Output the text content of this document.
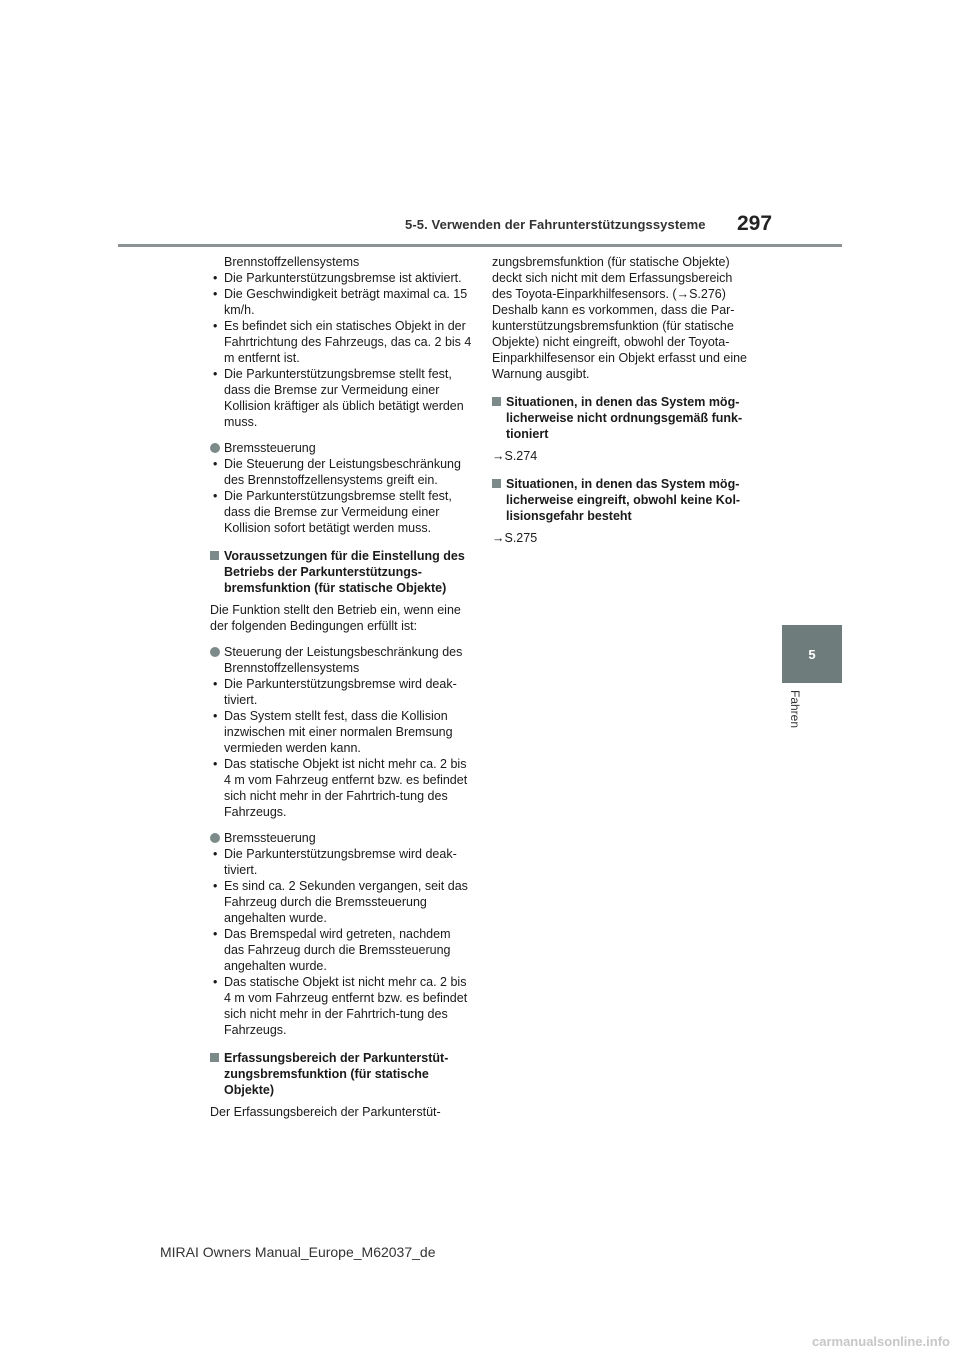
5-5. Verwenden der Fahrunterstützungssysteme 297
5
Fahren

Brennstoffzellensystems

• Die Parkunterstützungsbremse ist aktiviert.
• Die Geschwindigkeit beträgt maximal ca. 15 km/h.
• Es befindet sich ein statisches Objekt in der Fahrtrichtung des Fahrzeugs, das ca. 2 bis 4 m entfernt ist.
• Die Parkunterstützungsbremse stellt fest, dass die Bremse zur Vermeidung einer Kollision kräftiger als üblich betätigt werden muss.
Bremssteuerung
• Die Steuerung der Leistungsbeschränkung des Brennstoffzellensystems greift ein.
• Die Parkunterstützungsbremse stellt fest, dass die Bremse zur Vermeidung einer Kollision sofort betätigt werden muss.
Voraussetzungen für die Einstellung des Betriebs der Parkunterstützungs-bremsfunktion (für statische Objekte)

Die Funktion stellt den Betrieb ein, wenn eine der folgenden Bedingungen erfüllt ist:

Steuerung der Leistungsbeschränkung des Brennstoffzellensystems
• Die Parkunterstützungsbremse wird deak-tiviert.
• Das System stellt fest, dass die Kollision inzwischen mit einer normalen Bremsung vermieden werden kann.
• Das statische Objekt ist nicht mehr ca. 2 bis 4 m vom Fahrzeug entfernt bzw. es befindet sich nicht mehr in der Fahrtrich-tung des Fahrzeugs.
Bremssteuerung
• Die Parkunterstützungsbremse wird deak-tiviert.
• Es sind ca. 2 Sekunden vergangen, seit das Fahrzeug durch die Bremssteuerung angehalten wurde.
• Das Bremspedal wird getreten, nachdem das Fahrzeug durch die Bremssteuerung angehalten wurde.
• Das statische Objekt ist nicht mehr ca. 2 bis 4 m vom Fahrzeug entfernt bzw. es befindet sich nicht mehr in der Fahrtrich-tung des Fahrzeugs.
Erfassungsbereich der Parkunterstüt-zungsbremsfunktion (für statische Objekte)

Der Erfassungsbereich der Parkunterstüt-

zungsbremsfunktion (für statische Objekte) deckt sich nicht mit dem Erfassungsbereich des Toyota-Einparkhilfesensors. (→S.276) Deshalb kann es vorkommen, dass die Par-kunterstützungsbremsfunktion (für statische Objekte) nicht eingreift, obwohl der Toyota-Einparkhilfesensor ein Objekt erfasst und eine Warnung ausgibt.

Situationen, in denen das System mög-licherweise nicht ordnungsgemäß funk-tioniert

→S.274

Situationen, in denen das System mög-licherweise eingreift, obwohl keine Kol-lisionsgefahr besteht

→S.275

MIRAI Owners Manual_Europe_M62037_de
carmanualsonline.info
